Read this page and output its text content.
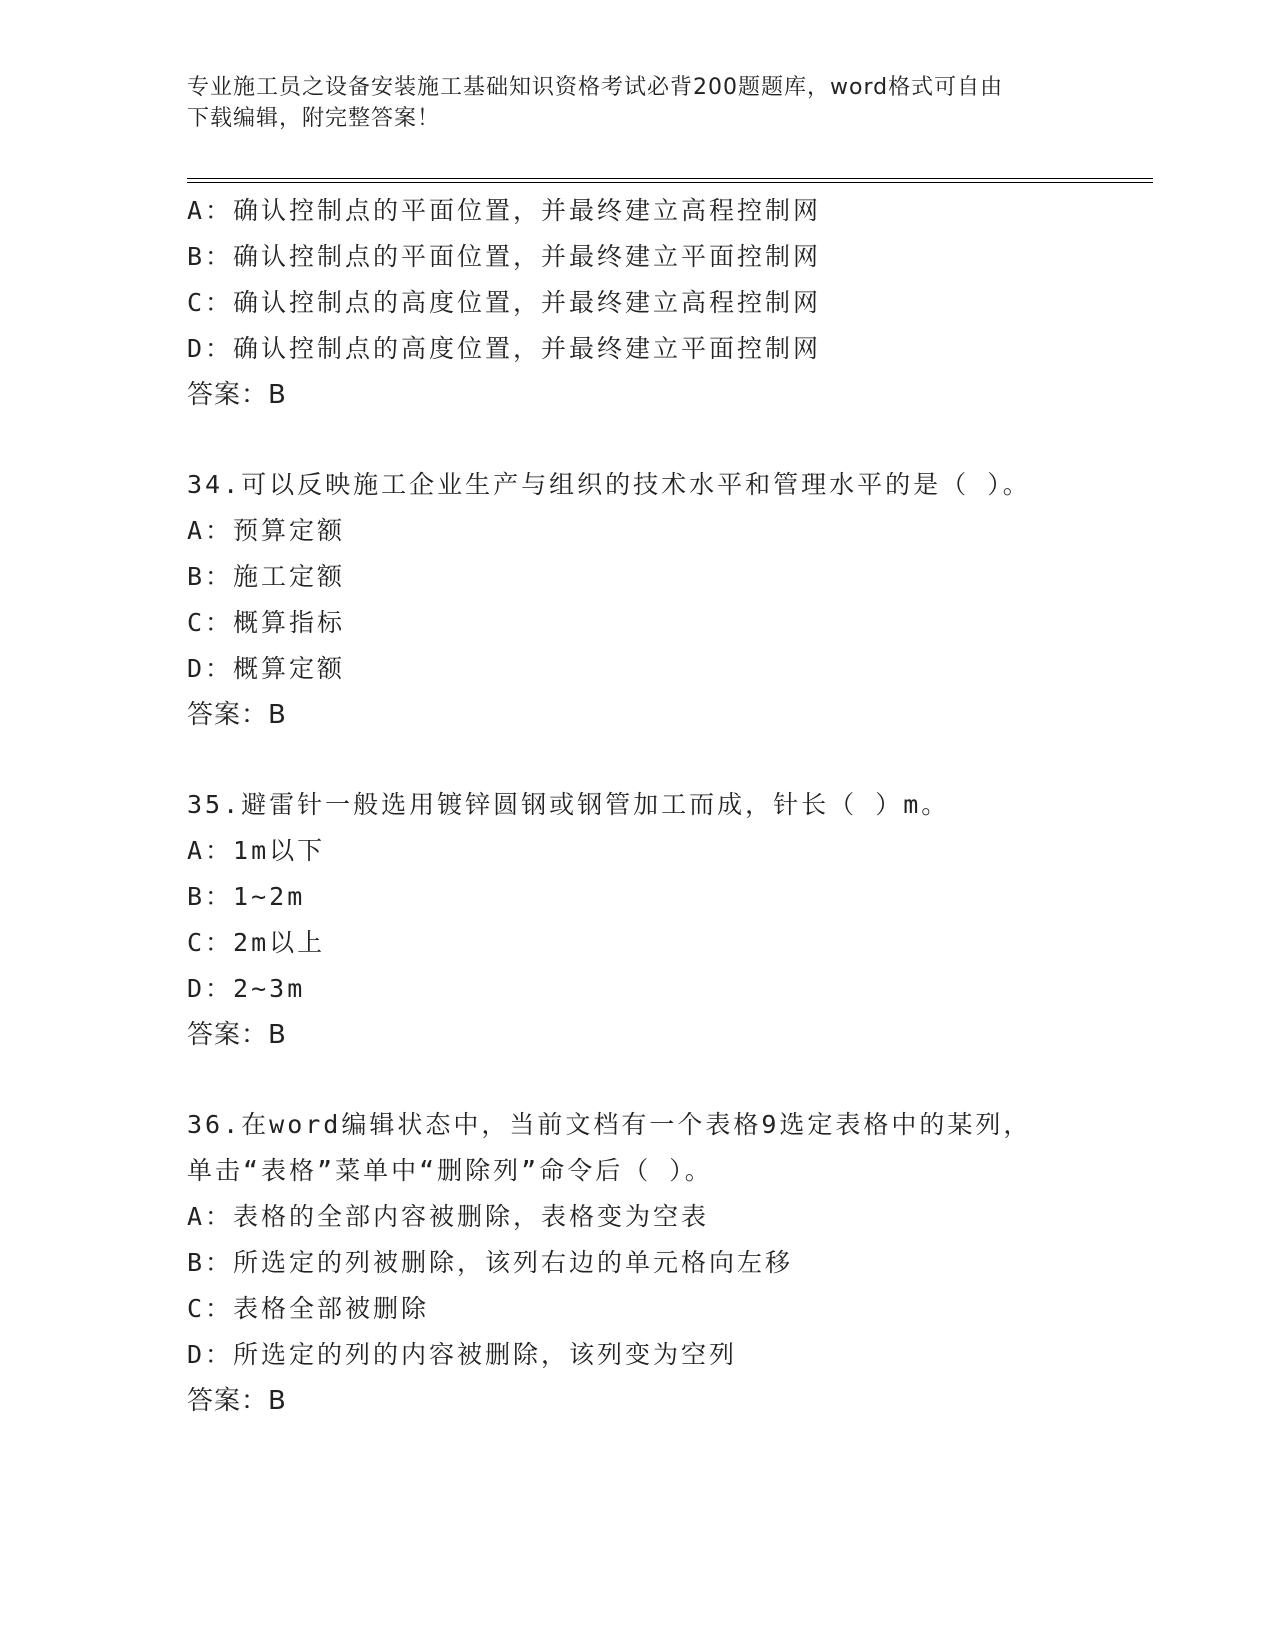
专业施工员之设备安装施工基础知识资格考试必背200题题库，word格式可自由
下载编辑，附完整答案！
A：确认控制点的平面位置，并最终建立高程控制网
B：确认控制点的平面位置，并最终建立平面控制网
C：确认控制点的高度位置，并最终建立高程控制网
D：确认控制点的高度位置，并最终建立平面控制网
答案：B
34.可以反映施工企业生产与组织的技术水平和管理水平的是（ ）。
A：预算定额
B：施工定额
C：概算指标
D：概算定额
答案：B
35.避雷针一般选用镀锌圆钢或钢管加工而成，针长（ ）m。
A：1m以下
B：1~2m
C：2m以上
D：2~3m
答案：B
36.在word编辑状态中，当前文档有一个表格9选定表格中的某列，
单击“表格”菜单中“删除列”命令后（ ）。
A：表格的全部内容被删除，表格变为空表
B：所选定的列被删除，该列右边的单元格向左移
C：表格全部被删除
D：所选定的列的内容被删除，该列变为空列
答案：B
